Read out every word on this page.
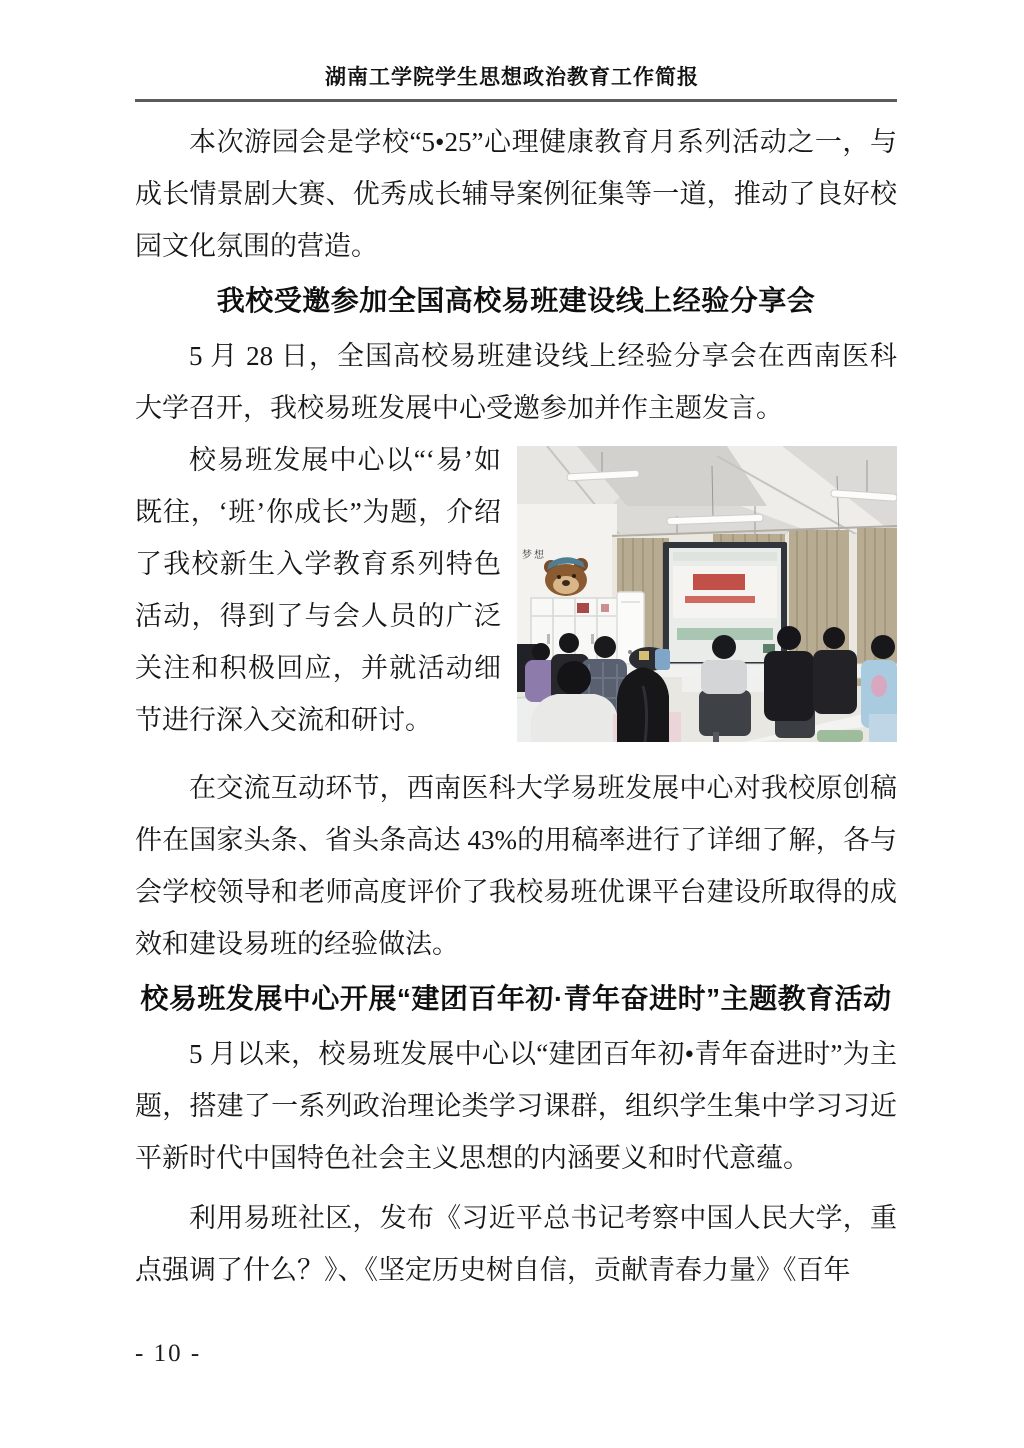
湖南工学院学生思想政治教育工作简报

本次游园会是学校“5•25”心理健康教育月系列活动之一，与成长情景剧大赛、优秀成长辅导案例征集等一道，推动了良好校园文化氛围的营造。

我校受邀参加全国高校易班建设线上经验分享会

5 月 28 日，全国高校易班建设线上经验分享会在西南医科大学召开，我校易班发展中心受邀参加并作主题发言。

梦想

校易班发展中心以“‘易’如既往，‘班’你成长”为题，介绍了我校新生入学教育系列特色活动，得到了与会人员的广泛关注和积极回应，并就活动细节进行深入交流和研讨。

在交流互动环节，西南医科大学易班发展中心对我校原创稿件在国家头条、省头条高达 43%的用稿率进行了详细了解，各与会学校领导和老师高度评价了我校易班优课平台建设所取得的成效和建设易班的经验做法。

校易班发展中心开展“建团百年初·青年奋进时”主题教育活动

5 月以来，校易班发展中心以“建团百年初•青年奋进时”为主题，搭建了一系列政治理论类学习课群，组织学生集中学习习近平新时代中国特色社会主义思想的内涵要义和时代意蕴。

利用易班社区，发布《习近平总书记考察中国人民大学，重点强调了什么？》、《坚定历史树自信，贡献青春力量》《百年

- 10 -
